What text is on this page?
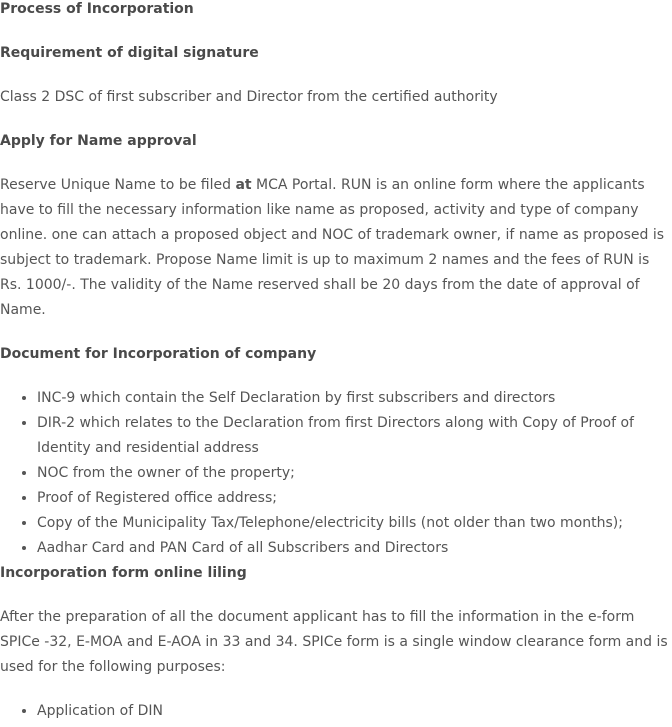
Process of Incorporation

Requirement of digital signature

Class 2 DSC of first subscriber and Director from the certified authority

Apply for Name approval

Reserve Unique Name to be filed at MCA Portal. RUN is an online form where the applicants have to fill the necessary information like name as proposed, activity and type of company online. one can attach a proposed object and NOC of trademark owner, if name as proposed is subject to trademark. Propose Name limit is up to maximum 2 names and the fees of RUN is Rs. 1000/-. The validity of the Name reserved shall be 20 days from the date of approval of Name.

Document for Incorporation of company

• INC-9 which contain the Self Declaration by first subscribers and directors
• DIR-2 which relates to the Declaration from first Directors along with Copy of Proof of Identity and residential address
• NOC from the owner of the property;
• Proof of Registered office address;
• Copy of the Municipality Tax/Telephone/electricity bills (not older than two months);
• Aadhar Card and PAN Card of all Subscribers and Directors

Incorporation form online liling

After the preparation of all the document applicant has to fill the information in the e-form SPICe -32, E-MOA and E-AOA in 33 and 34. SPICe form is a single window clearance form and is used for the following purposes:

• Application of DIN
